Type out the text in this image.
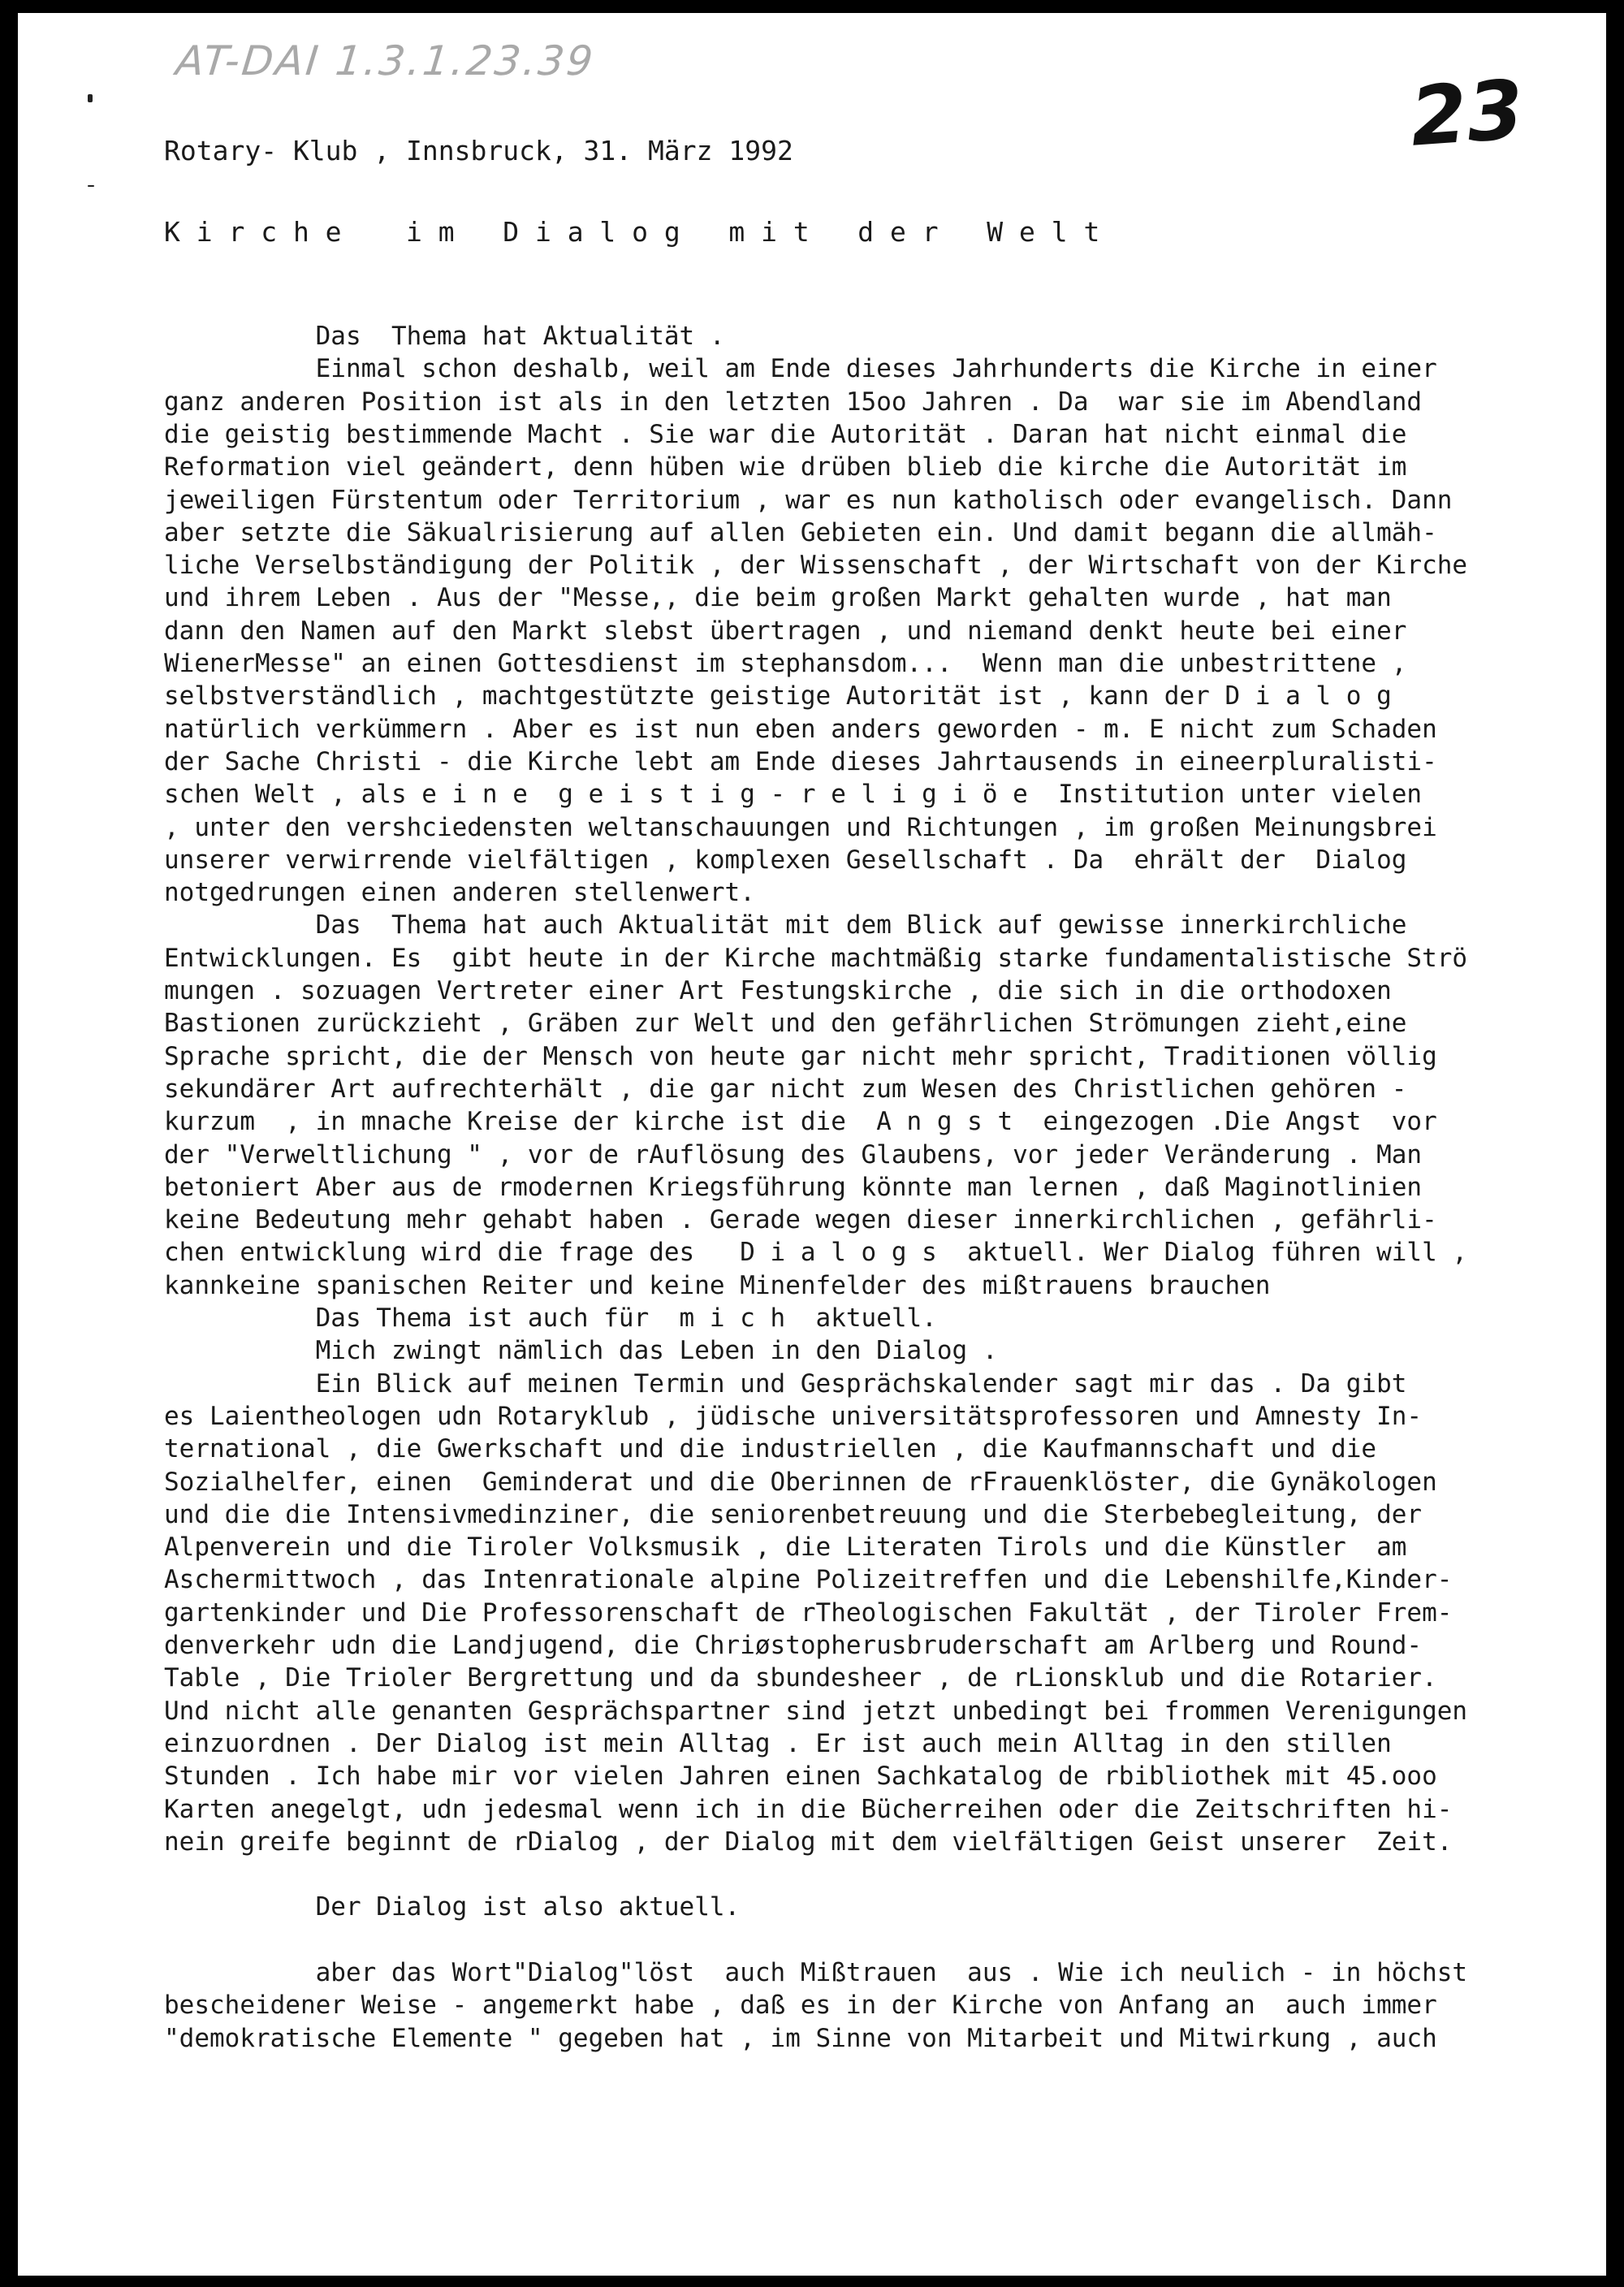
AT-DAI 1.3.1.23.39
23
Rotary- Klub , Innsbruck, 31. März 1992
K i r c h e    i m   D i a l o g   m i t   d e r   W e l t
Das  Thema hat Aktualität .
Einmal schon deshalb, weil am Ende dieses Jahrhunderts die Kirche in einer
ganz anderen Position ist als in den letzten 15oo Jahren . Da  war sie im Abendland
die geistig bestimmende Macht . Sie war die Autorität . Daran hat nicht einmal die
Reformation viel geändert, denn hüben wie drüben blieb die kirche die Autorität im
jeweiligen Fürstentum oder Territorium , war es nun katholisch oder evangelisch. Dann
aber setzte die Säkualrisierung auf allen Gebieten ein. Und damit begann die allmäh-
liche Verselbständigung der Politik , der Wissenschaft , der Wirtschaft von der Kirche
und ihrem Leben . Aus der "Messe,, die beim großen Markt gehalten wurde , hat man
dann den Namen auf den Markt slebst übertragen , und niemand denkt heute bei einer
WienerMesse" an einen Gottesdienst im stephansdom...  Wenn man die unbestrittene ,
selbstverständlich , machtgestützte geistige Autorität ist , kann der D i a l o g
natürlich verkümmern . Aber es ist nun eben anders geworden - m. E nicht zum Schaden
der Sache Christi - die Kirche lebt am Ende dieses Jahrtausends in eineerpluralisti-
schen Welt , als e i n e  g e i s t i g - r e l i g i ö e  Institution unter vielen
, unter den vershciedensten weltanschauungen und Richtungen , im großen Meinungsbrei
unserer verwirrende vielfältigen , komplexen Gesellschaft . Da  ehrält der  Dialog
notgedrungen einen anderen stellenwert.
Das  Thema hat auch Aktualität mit dem Blick auf gewisse innerkirchliche
Entwicklungen. Es  gibt heute in der Kirche machtmäßig starke fundamentalistische Strö
mungen . sozuagen Vertreter einer Art Festungskirche , die sich in die orthodoxen
Bastionen zurückzieht , Gräben zur Welt und den gefährlichen Strömungen zieht,eine
Sprache spricht, die der Mensch von heute gar nicht mehr spricht, Traditionen völlig
sekundärer Art aufrechterhält , die gar nicht zum Wesen des Christlichen gehören -
kurzum  , in mnache Kreise der kirche ist die  A n g s t  eingezogen .Die Angst  vor
der "Verweltlichung " , vor de rAuflösung des Glaubens, vor jeder Veränderung . Man
betoniert Aber aus de rmodernen Kriegsführung könnte man lernen , daß Maginotlinien
keine Bedeutung mehr gehabt haben . Gerade wegen dieser innerkirchlichen , gefährli-
chen entwicklung wird die frage des   D i a l o g s  aktuell. Wer Dialog führen will ,
kannkeine spanischen Reiter und keine Minenfelder des mißtrauens brauchen
Das Thema ist auch für  m i c h  aktuell.
Mich zwingt nämlich das Leben in den Dialog .
Ein Blick auf meinen Termin und Gesprächskalender sagt mir das . Da gibt
es Laientheologen udn Rotaryklub , jüdische universitätsprofessoren und Amnesty In-
ternational , die Gwerkschaft und die industriellen , die Kaufmannschaft und die
Sozialhelfer, einen  Geminderat und die Oberinnen de rFrauenklöster, die Gynäkologen
und die die Intensivmedinziner, die seniorenbetreuung und die Sterbebegleitung, der
Alpenverein und die Tiroler Volksmusik , die Literaten Tirols und die Künstler  am
Aschermittwoch , das Intenrationale alpine Polizeitreffen und die Lebenshilfe,Kinder-
gartenkinder und Die Professorenschaft de rTheologischen Fakultät , der Tiroler Frem-
denverkehr udn die Landjugend, die Chriøstopherusbruderschaft am Arlberg und Round-
Table , Die Trioler Bergrettung und da sbundesheer , de rLionsklub und die Rotarier.
Und nicht alle genanten Gesprächspartner sind jetzt unbedingt bei frommen Verenigungen
einzuordnen . Der Dialog ist mein Alltag . Er ist auch mein Alltag in den stillen
Stunden . Ich habe mir vor vielen Jahren einen Sachkatalog de rbibliothek mit 45.ooo
Karten anegelgt, udn jedesmal wenn ich in die Bücherreihen oder die Zeitschriften hi-
nein greife beginnt de rDialog , der Dialog mit dem vielfältigen Geist unserer  Zeit.
Der Dialog ist also aktuell.
aber das Wort"Dialog"löst  auch Mißtrauen  aus . Wie ich neulich - in höchst
bescheidener Weise - angemerkt habe , daß es in der Kirche von Anfang an  auch immer
"demokratische Elemente " gegeben hat , im Sinne von Mitarbeit und Mitwirkung , auch
